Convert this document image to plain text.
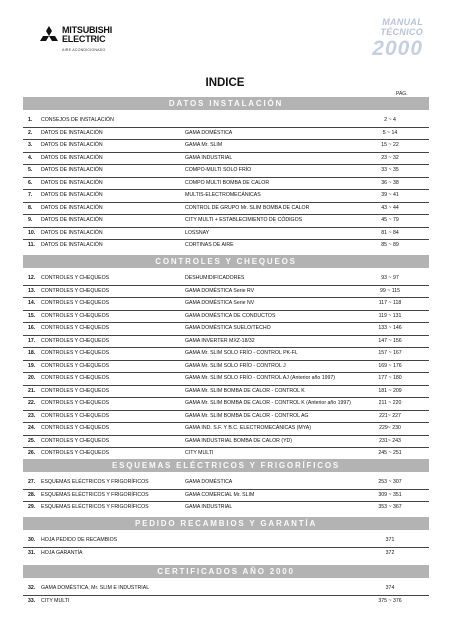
MITSUBISHI
ELECTRIC
AIRE ACONDICIONADO
MANUAL TÉCNICO
2000
INDICE
PAG.
DATOS INSTALACIÓN
1.	CONSEJOS DE INSTALACIÓN	2 ~ 4
2.	DATOS DE INSTALACIÓN	GAMA DOMÉSTICA	5 ~ 14
3.	DATOS DE INSTALACIÓN	GAMA Mr. SLIM	15 ~ 22
4.	DATOS DE INSTALACIÓN	GAMA INDUSTRIAL	23 ~ 32
5.	DATOS DE INSTALACIÓN	COMPO-MULTI SOLO FRÍO	33 ~ 35
6.	DATOS DE INSTALACIÓN	COMPO MULTI BOMBA DE CALOR	36 ~ 38
7.	DATOS DE INSTALACIÓN	MULTIS-ELECTROMECÁNICAS	39 ~ 41
8.	DATOS DE INSTALACIÓN	CONTROL DE GRUPO Mr. SLIM BOMBA DE CALOR	43 ~ 44
9.	DATOS DE INSTALACIÓN	CITY MULTI + ESTABLECIMIENTO DE CÓDIGOS	45 ~ 79
10.	DATOS DE INSTALACIÓN	LOSSNAY	81 ~ 84
11.	DATOS DE INSTALACIÓN	CORTINAS DE AIRE	85 ~ 89
CONTROLES Y CHEQUEOS
12.	CONTROLES Y CHEQUEOS	DESHUMIDIFICADORES	93 ~ 97
13.	CONTROLES Y CHEQUEOS	GAMA DOMÉSTICA Serie RV	99 ~ 115
14.	CONTROLES Y CHEQUEOS	GAMA DOMÉSTICA Serie NV	117 ~ 118
15.	CONTROLES Y CHEQUEOS	GAMA DOMÉSTICA DE CONDUCTOS	119 ~ 131
16.	CONTROLES Y CHEQUEOS	GAMA DOMÉSTICA SUELO/TECHO	133 ~ 146
17.	CONTROLES Y CHEQUEOS	GAMA INVERTER MXZ-18/32	147 ~ 156
18.	CONTROLES Y CHEQUEOS	GAMA Mr. SLIM SOLO FRÍO - CONTROL PK-FL	157 ~ 167
19.	CONTROLES Y CHEQUEOS	GAMA Mr. SLIM SOLO FRÍO - CONTROL J	169 ~ 176
20.	CONTROLES Y CHEQUEOS	GAMA Mr. SLIM SOLO FRÍO - CONTROL AJ (Anterior año 1997)	177 ~ 180
21.	CONTROLES Y CHEQUEOS	GAMA Mr. SLIM BOMBA DE CALOR - CONTROL K	181 ~ 209
22.	CONTROLES Y CHEQUEOS	GAMA Mr. SLIM BOMBA DE CALOR - CONTROL K (Anterior año 1997)	211 ~ 220
23.	CONTROLES Y CHEQUEOS	GAMA Mr. SLIM BOMBA DE CALOR - CONTROL AG	221~ 227
24.	CONTROLES Y CHEQUEOS	GAMA IND. S.F. Y B.C. ELECTROMECÁNICAS (MYA)	229~ 230
25.	CONTROLES Y CHEQUEOS	GAMA INDUSTRIAL BOMBA DE CALOR (YD)	231~ 243
26.	CONTROLES Y CHEQUEOS	CITY MULTI	245 ~ 251
ESQUEMAS ELÉCTRICOS Y FRIGORÍFICOS
27.	ESQUEMAS ELÉCTRICOS Y FRIGORÍFICOS	GAMA DOMÉSTICA	253 ~ 307
28.	ESQUEMAS ELÉCTRICOS Y FRIGORÍFICOS	GAMA COMERCIAL Mr. SLIM	309 ~ 351
29.	ESQUEMAS ELÉCTRICOS Y FRIGORÍFICOS	GAMA INDUSTRIAL	353 ~ 367
PEDIDO RECAMBIOS Y GARANTÍA
30.	HOJA PEDIDO DE RECAMBIOS	371
31.	HOJA GARANTÍA	372
CERTIFICADOS AÑO 2000
32.	GAMA DOMÉSTICA, Mr. SLIM E INDUSTRIAL	374
33.	CITY MULTI	375 ~ 376
